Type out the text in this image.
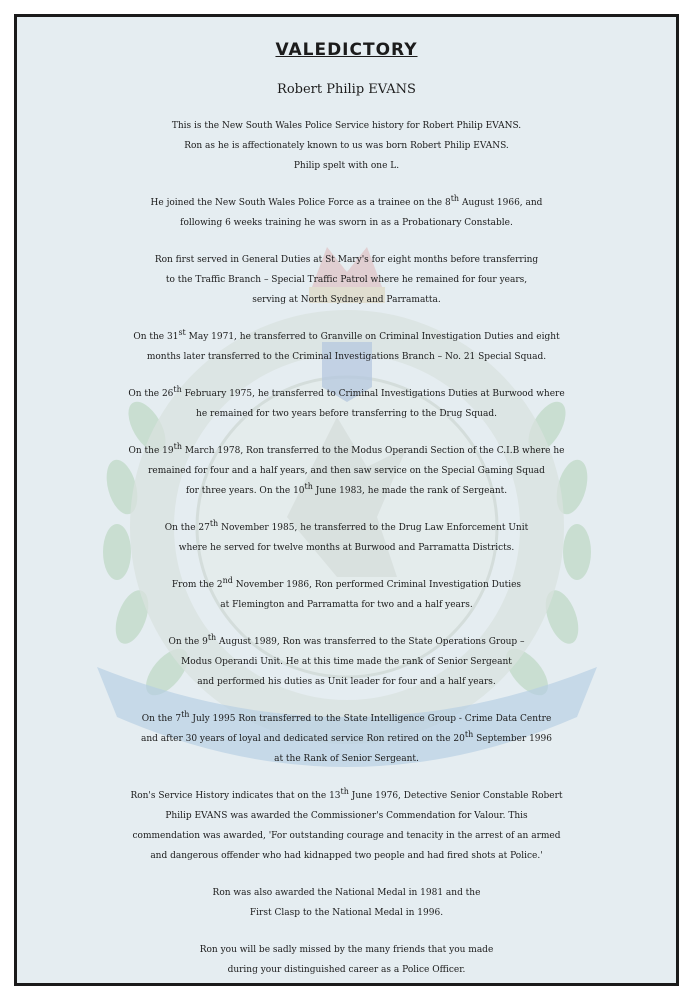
VALEDICTORY
Robert Philip EVANS
This is the New South Wales Police Service history for Robert Philip EVANS.
Ron as he is affectionately known to us was born Robert Philip EVANS.
Philip spelt with one L.
He joined the New South Wales Police Force as a trainee on the 8th August 1966, and
following 6 weeks training he was sworn in as a Probationary Constable.
Ron first served in General Duties at St Mary's for eight months before transferring
to the Traffic Branch – Special Traffic Patrol where he remained for four years,
serving at North Sydney and Parramatta.
On the 31st May 1971, he transferred to Granville on Criminal Investigation Duties and eight
months later transferred to the Criminal Investigations Branch – No. 21 Special Squad.
On the 26th February 1975, he transferred to Criminal Investigations Duties at Burwood where
he remained for two years before transferring to the Drug Squad.
On the 19th March 1978, Ron transferred to the Modus Operandi Section of the C.I.B where he
remained for four and a half years, and then saw service on the Special Gaming Squad
for three years. On the 10th June 1983, he made the rank of Sergeant.
On the 27th November 1985, he transferred to the Drug Law Enforcement Unit
where he served for twelve months at Burwood and Parramatta Districts.
From the 2nd November 1986, Ron performed Criminal Investigation Duties
at Flemington and Parramatta for two and a half years.
On the 9th August 1989, Ron was transferred to the State Operations Group –
Modus Operandi Unit. He at this time made the rank of Senior Sergeant
and performed his duties as Unit leader for four and a half years.
On the 7th July 1995 Ron transferred to the State Intelligence Group - Crime Data Centre
and after 30 years of loyal and dedicated service Ron retired on the 20th September 1996
at the Rank of Senior Sergeant.
Ron's Service History indicates that on the 13th June 1976, Detective Senior Constable Robert
Philip EVANS was awarded the Commissioner's Commendation for Valour. This
commendation was awarded, 'For outstanding courage and tenacity in the arrest of an armed
and dangerous offender who had kidnapped two people and had fired shots at Police.'
Ron was also awarded the National Medal in 1981 and the
First Clasp to the National Medal in 1996.
Ron you will be sadly missed by the many friends that you made
during your distinguished career as a Police Officer.
